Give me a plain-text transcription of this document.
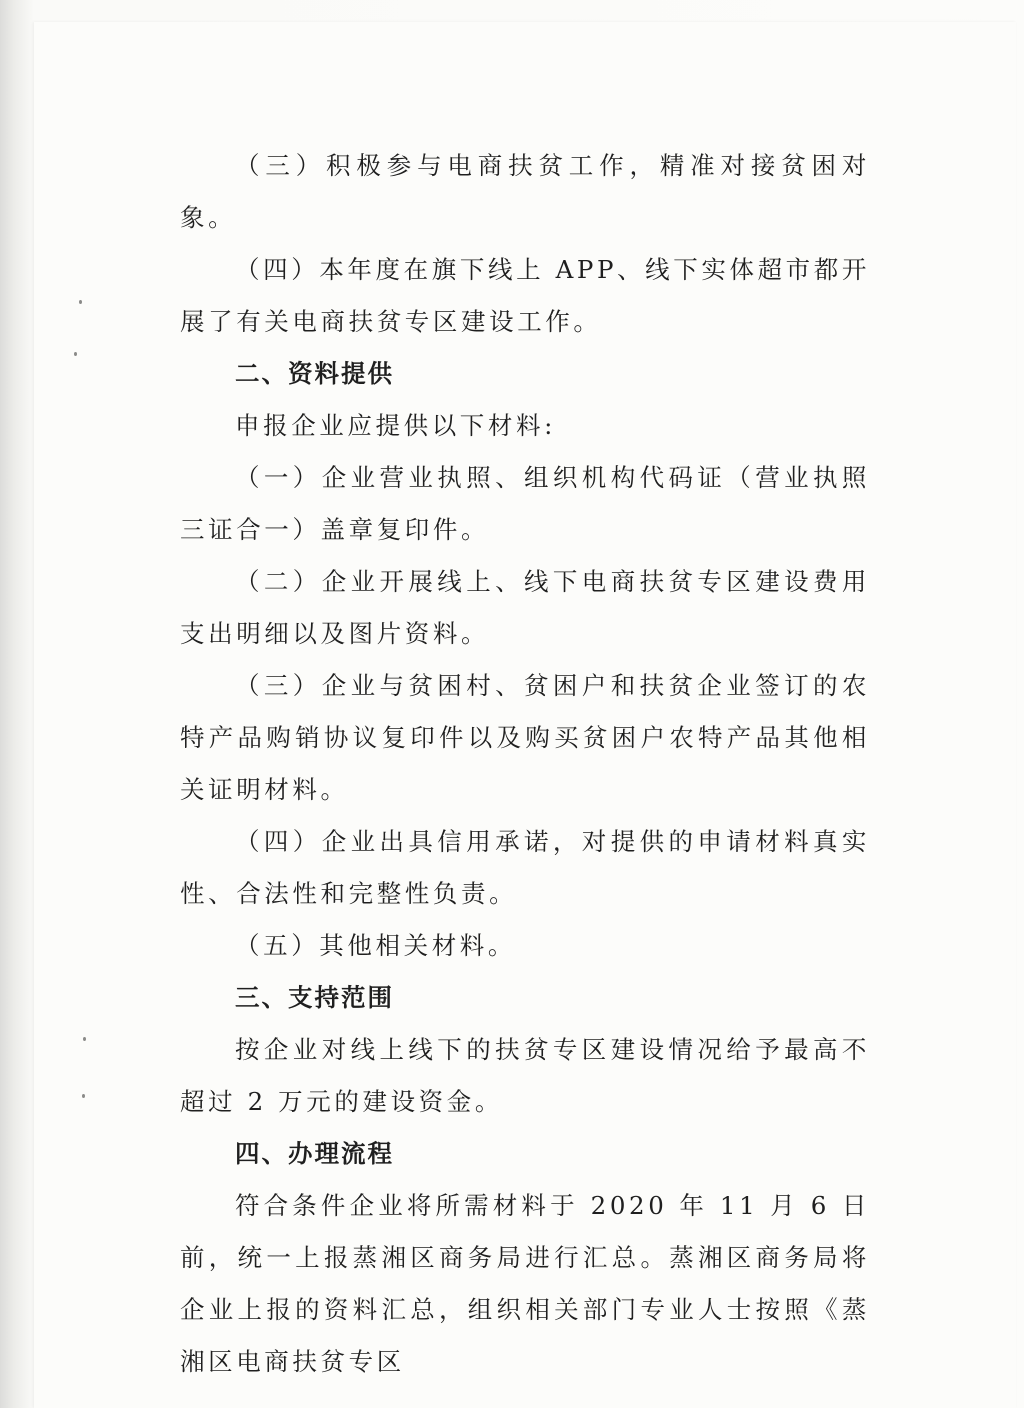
（三）积极参与电商扶贫工作，精准对接贫困对象。

（四）本年度在旗下线上 APP、线下实体超市都开展了有关电商扶贫专区建设工作。

二、资料提供

申报企业应提供以下材料:

（一）企业营业执照、组织机构代码证（营业执照三证合一）盖章复印件。

（二）企业开展线上、线下电商扶贫专区建设费用支出明细以及图片资料。

（三）企业与贫困村、贫困户和扶贫企业签订的农特产品购销协议复印件以及购买贫困户农特产品其他相关证明材料。

（四）企业出具信用承诺，对提供的申请材料真实性、合法性和完整性负责。

（五）其他相关材料。

三、支持范围

按企业对线上线下的扶贫专区建设情况给予最高不超过 2 万元的建设资金。

四、办理流程

符合条件企业将所需材料于 2020 年 11 月 6 日前，统一上报蒸湘区商务局进行汇总。蒸湘区商务局将企业上报的资料汇总，组织相关部门专业人士按照《蒸湘区电商扶贫专区
